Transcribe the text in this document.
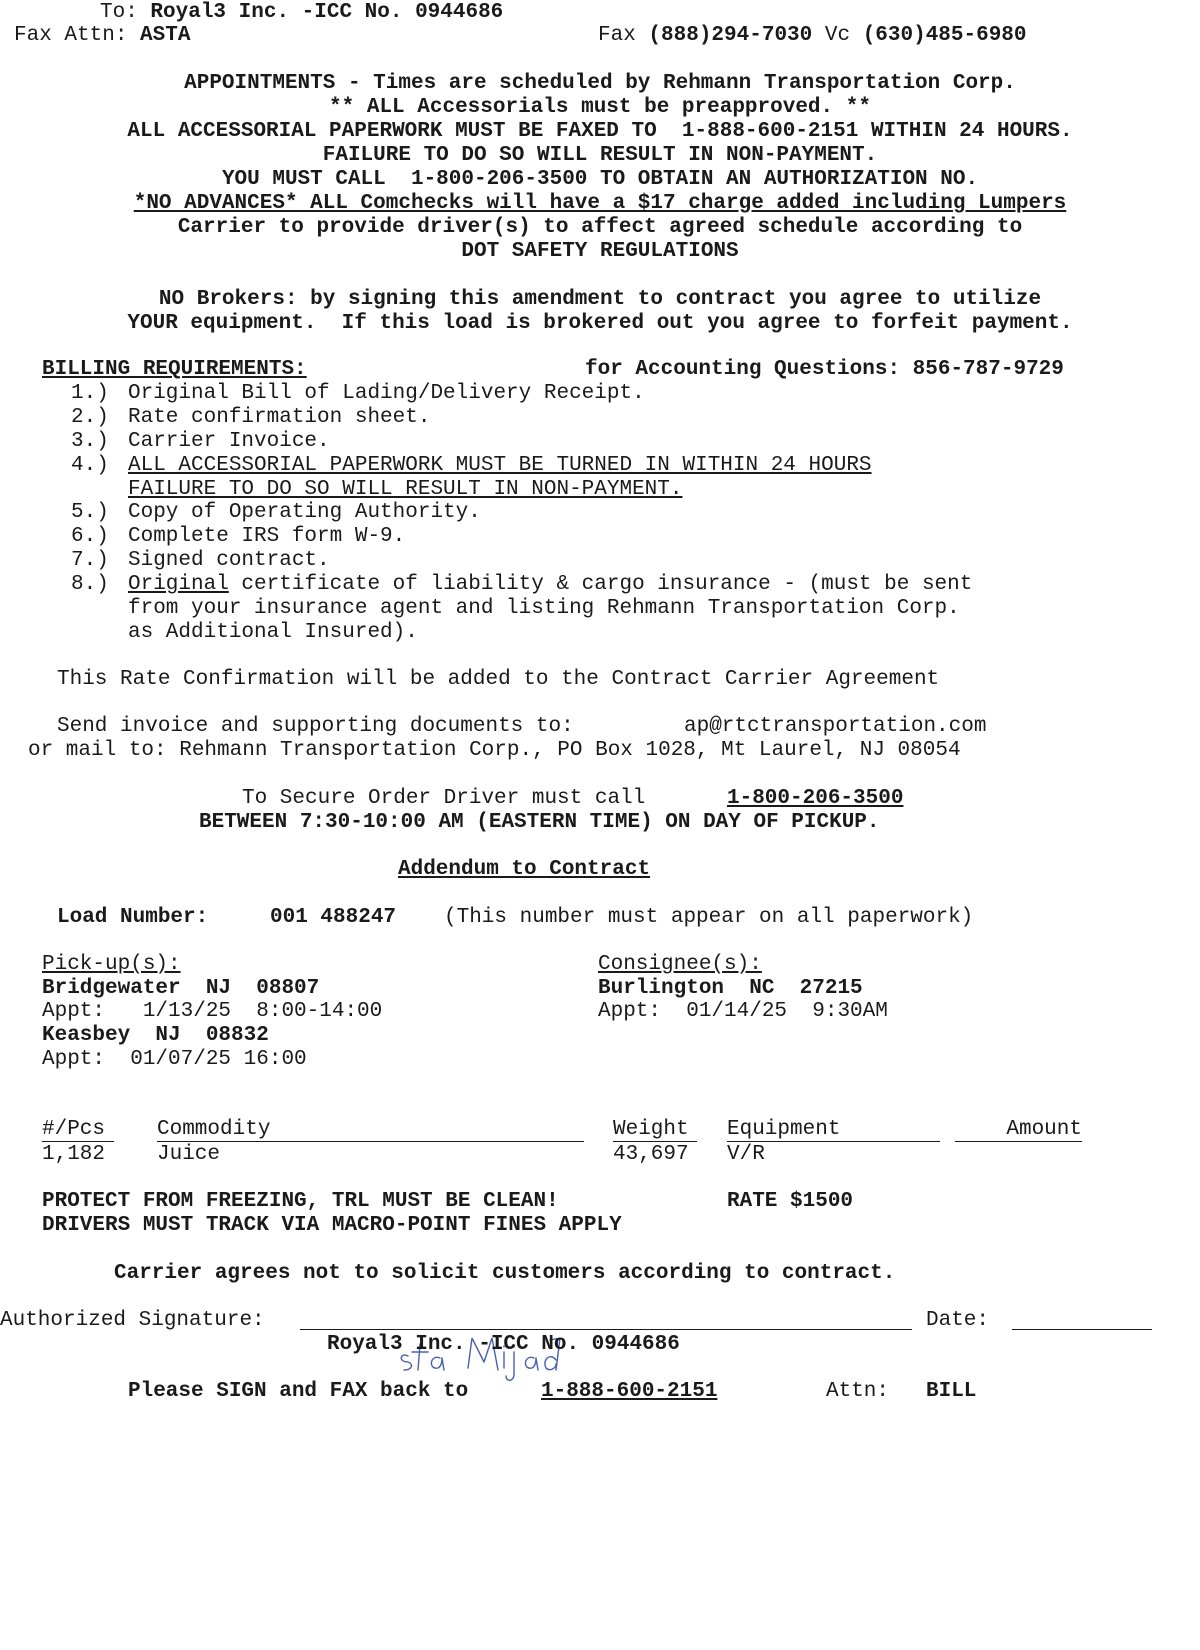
To: Royal3 Inc. -ICC No. 0944686
Fax Attn: ASTA	Fax (888)294-7030 Vc (630)485-6980
APPOINTMENTS - Times are scheduled by Rehmann Transportation Corp.
** ALL Accessorials must be preapproved. **
ALL ACCESSORIAL PAPERWORK MUST BE FAXED TO  1-888-600-2151 WITHIN 24 HOURS.
FAILURE TO DO SO WILL RESULT IN NON-PAYMENT.
YOU MUST CALL  1-800-206-3500 TO OBTAIN AN AUTHORIZATION NO.
*NO ADVANCES* ALL Comchecks will have a $17 charge added including Lumpers
Carrier to provide driver(s) to affect agreed schedule according to
DOT SAFETY REGULATIONS
NO Brokers: by signing this amendment to contract you agree to utilize
YOUR equipment.  If this load is brokered out you agree to forfeit payment.
BILLING REQUIREMENTS:	for Accounting Questions: 856-787-9729
1.) Original Bill of Lading/Delivery Receipt.
2.) Rate confirmation sheet.
3.) Carrier Invoice.
4.) ALL ACCESSORIAL PAPERWORK MUST BE TURNED IN WITHIN 24 HOURS
FAILURE TO DO SO WILL RESULT IN NON-PAYMENT.
5.) Copy of Operating Authority.
6.) Complete IRS form W-9.
7.) Signed contract.
8.) Original certificate of liability & cargo insurance - (must be sent
from your insurance agent and listing Rehmann Transportation Corp.
as Additional Insured).
This Rate Confirmation will be added to the Contract Carrier Agreement
Send invoice and supporting documents to:	ap@rtctransportation.com
or mail to: Rehmann Transportation Corp., PO Box 1028, Mt Laurel, NJ 08054
To Secure Order Driver must call	1-800-206-3500
BETWEEN 7:30-10:00 AM (EASTERN TIME) ON DAY OF PICKUP.
Addendum to Contract
Load Number:	001 488247 (This number must appear on all paperwork)
Pick-up(s):
Bridgewater  NJ  08807
Appt:   1/13/25  8:00-14:00
Keasbey  NJ  08832
Appt:  01/07/25 16:00
Consignee(s):
Burlington  NC  27215
Appt:  01/14/25  9:30AM
#/Pcs	Commodity	Weight	Equipment	Amount
1,182 Juice	43,697 V/R
PROTECT FROM FREEZING, TRL MUST BE CLEAN!	RATE $1500
DRIVERS MUST TRACK VIA MACRO-POINT FINES APPLY
Carrier agrees not to solicit customers according to contract.
Authorized Signature:	Date:
Royal3 Inc. -ICC No. 0944686
Please SIGN and FAX back to	1-888-600-2151	Attn: BILL
